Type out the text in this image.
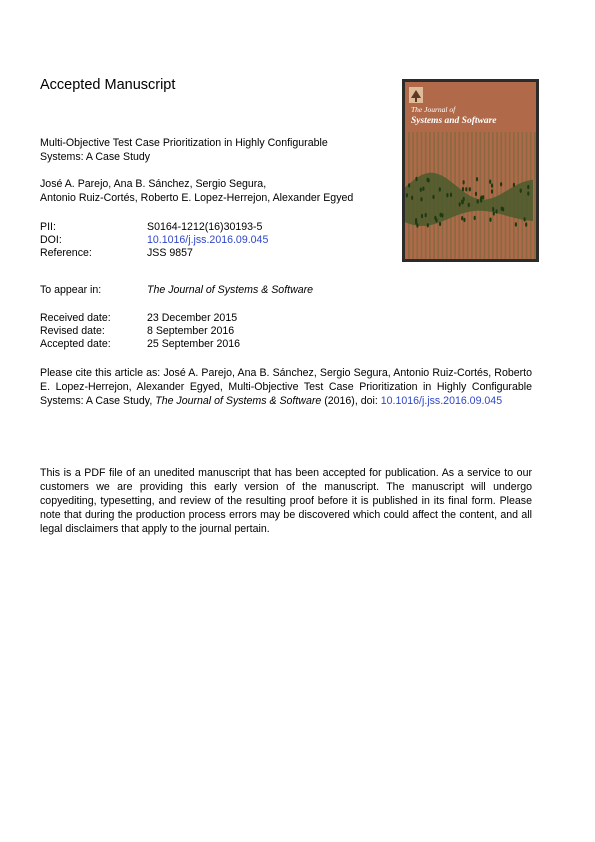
Accepted Manuscript
Multi-Objective Test Case Prioritization in Highly Configurable Systems: A Case Study
José A. Parejo, Ana B. Sánchez, Sergio Segura,
Antonio Ruiz-Cortés, Roberto E. Lopez-Herrejon, Alexander Egyed
PII:	S0164-1212(16)30193-5
DOI:	10.1016/j.jss.2016.09.045
Reference:	JSS 9857
To appear in:	The Journal of Systems & Software
Received date:	23 December 2015
Revised date:	8 September 2016
Accepted date:	25 September 2016
Please cite this article as: José A. Parejo, Ana B. Sánchez, Sergio Segura, Antonio Ruiz-Cortés, Roberto E. Lopez-Herrejon, Alexander Egyed, Multi-Objective Test Case Prioritization in Highly Configurable Systems: A Case Study, The Journal of Systems & Software (2016), doi: 10.1016/j.jss.2016.09.045
This is a PDF file of an unedited manuscript that has been accepted for publication. As a service to our customers we are providing this early version of the manuscript. The manuscript will undergo copyediting, typesetting, and review of the resulting proof before it is published in its final form. Please note that during the production process errors may be discovered which could affect the content, and all legal disclaimers that apply to the journal pertain.
The Journal of
Systems and Software
